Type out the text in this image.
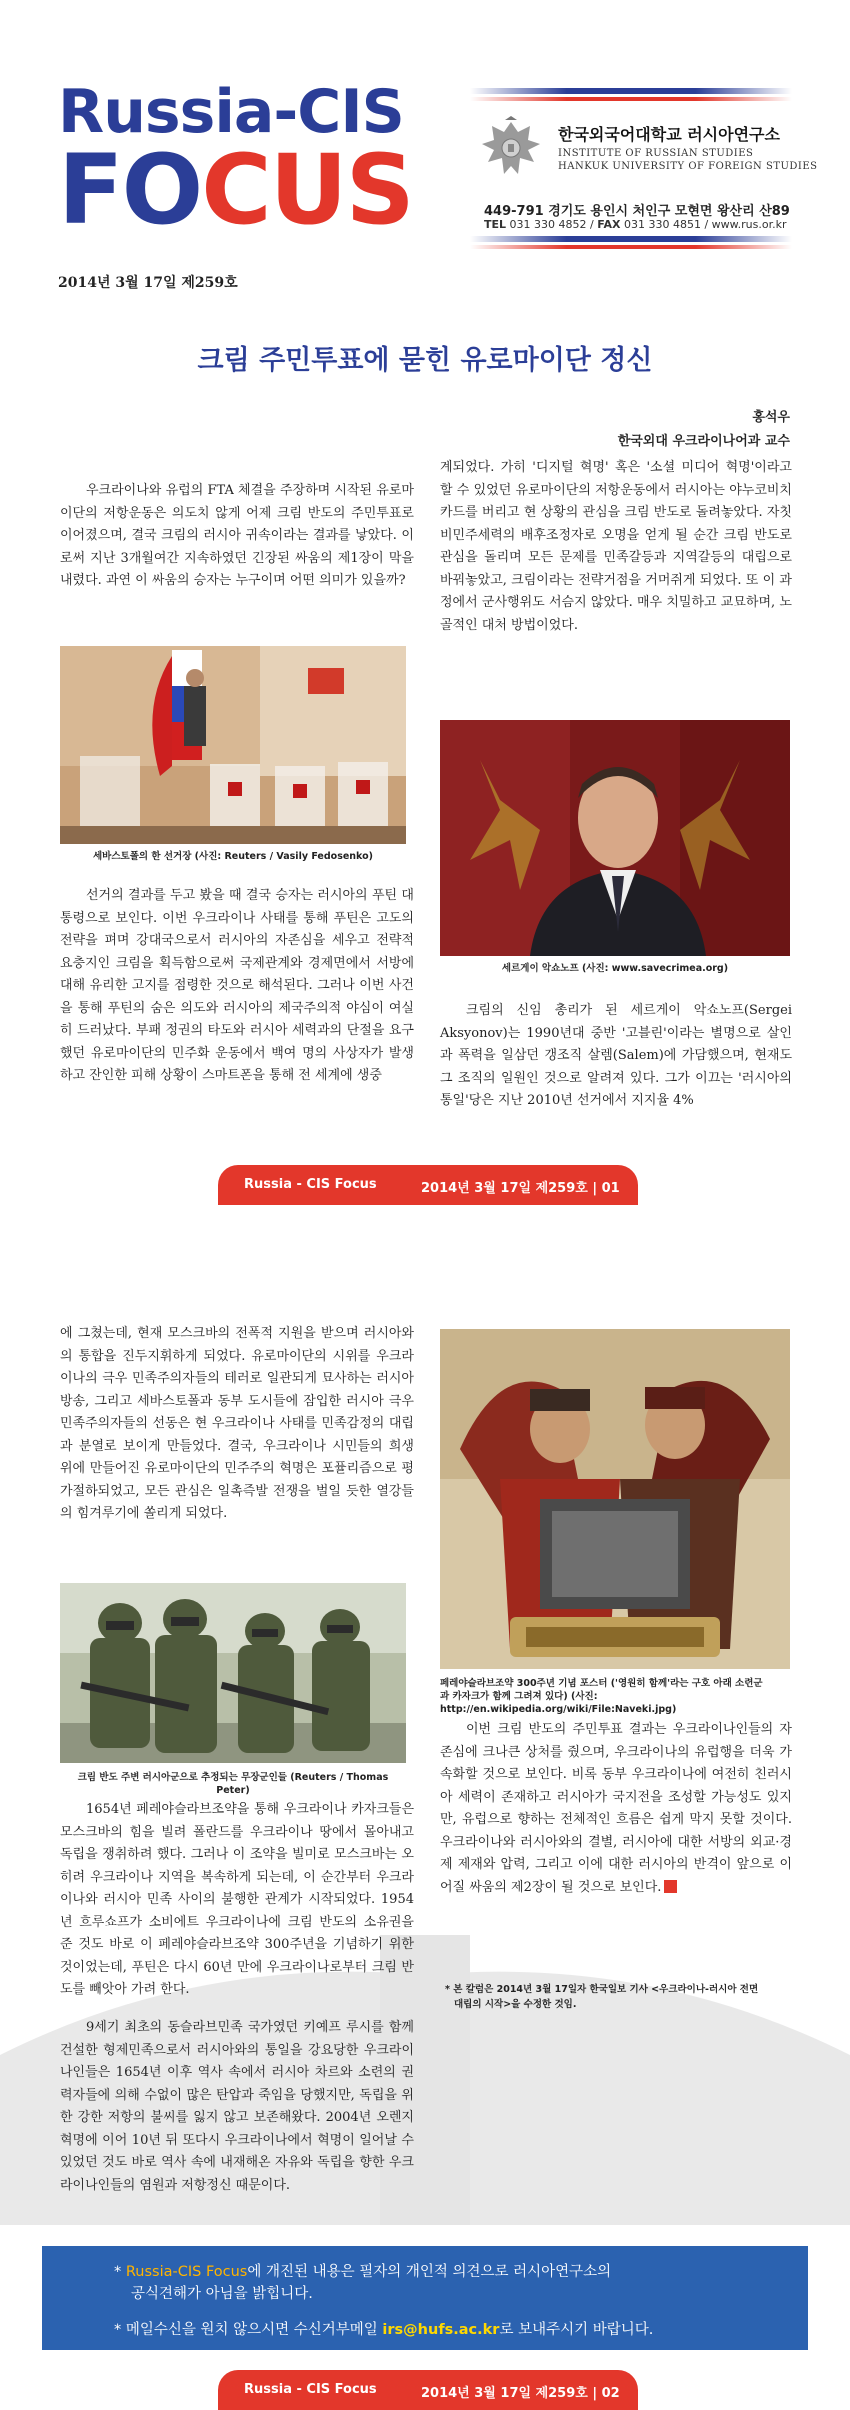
Russia-CIS
FOCUS
2014년 3월 17일 제259호
한국외국어대학교 러시아연구소
INSTITUTE OF RUSSIAN STUDIES
HANKUK UNIVERSITY OF FOREIGN STUDIES
449-791 경기도 용인시 처인구 모현면 왕산리 산89
TEL 031 330 4852 / FAX 031 330 4851 / www.rus.or.kr
크림 주민투표에 묻힌 유로마이단 정신
홍석우
한국외대 우크라이나어과 교수

우크라이나와 유럽의 FTA 체결을 주장하며 시작된 유로마이단의 저항운동은 의도치 않게 어제 크림 반도의 주민투표로 이어졌으며, 결국 크림의 러시아 귀속이라는 결과를 낳았다. 이로써 지난 3개월여간 지속하였던 긴장된 싸움의 제1장이 막을 내렸다. 과연 이 싸움의 승자는 누구이며 어떤 의미가 있을까?

세바스토폴의 한 선거장 (사진: Reuters / Vasily Fedosenko)

선거의 결과를 두고 봤을 때 결국 승자는 러시아의 푸틴 대통령으로 보인다. 이번 우크라이나 사태를 통해 푸틴은 고도의 전략을 펴며 강대국으로서 러시아의 자존심을 세우고 전략적 요충지인 크림을 획득함으로써 국제관계와 경제면에서 서방에 대해 유리한 고지를 점령한 것으로 해석된다. 그러나 이번 사건을 통해 푸틴의 숨은 의도와 러시아의 제국주의적 야심이 여실히 드러났다. 부패 정권의 타도와 러시아 세력과의 단절을 요구했던 유로마이단의 민주화 운동에서 백여 명의 사상자가 발생하고 잔인한 피해 상황이 스마트폰을 통해 전 세계에 생중

계되었다. 가히 '디지털 혁명' 혹은 '소셜 미디어 혁명'이라고 할 수 있었던 유로마이단의 저항운동에서 러시아는 야누코비치 카드를 버리고 현 상황의 관심을 크림 반도로 돌려놓았다. 자칫 비민주세력의 배후조정자로 오명을 얻게 될 순간 크림 반도로 관심을 돌리며 모든 문제를 민족갈등과 지역갈등의 대립으로 바꿔놓았고, 크림이라는 전략거점을 거머쥐게 되었다. 또 이 과정에서 군사행위도 서슴지 않았다. 매우 치밀하고 교묘하며, 노골적인 대처 방법이었다.

세르게이 악쇼노프 (사진: www.savecrimea.org)

크림의 신임 총리가 된 세르게이 악쇼노프(Sergei Aksyonov)는 1990년대 중반 '고블린'이라는 별명으로 살인과 폭력을 일삼던 갱조직 살렘(Salem)에 가담했으며, 현재도 그 조직의 일원인 것으로 알려져 있다. 그가 이끄는 '러시아의 통일'당은 지난 2010년 선거에서 지지율 4%

Russia - CIS Focus	2014년 3월 17일 제259호 | 01

에 그쳤는데, 현재 모스크바의 전폭적 지원을 받으며 러시아와의 통합을 진두지휘하게 되었다. 유로마이단의 시위를 우크라이나의 극우 민족주의자들의 테러로 일관되게 묘사하는 러시아 방송, 그리고 세바스토폴과 동부 도시들에 잠입한 러시아 극우 민족주의자들의 선동은 현 우크라이나 사태를 민족감정의 대립과 분열로 보이게 만들었다. 결국, 우크라이나 시민들의 희생 위에 만들어진 유로마이단의 민주주의 혁명은 포퓰리즘으로 평가절하되었고, 모든 관심은 일촉즉발 전쟁을 벌일 듯한 열강들의 힘겨루기에 쏠리게 되었다.

크림 반도 주변 러시아군으로 추정되는 무장군인들 (Reuters / Thomas Peter)

1654년 페레야슬라브조약을 통해 우크라이나 카자크들은 모스크바의 힘을 빌려 폴란드를 우크라이나 땅에서 몰아내고 독립을 쟁취하려 했다. 그러나 이 조약을 빌미로 모스크바는 오히려 우크라이나 지역을 복속하게 되는데, 이 순간부터 우크라이나와 러시아 민족 사이의 불행한 관계가 시작되었다. 1954년 흐루쇼프가 소비에트 우크라이나에 크림 반도의 소유권을 준 것도 바로 이 페레야슬라브조약 300주년을 기념하기 위한 것이었는데, 푸틴은 다시 60년 만에 우크라이나로부터 크림 반도를 빼앗아 가려 한다.

9세기 최초의 동슬라브민족 국가였던 키예프 루시를 함께 건설한 형제민족으로서 러시아와의 통일을 강요당한 우크라이나인들은 1654년 이후 역사 속에서 러시아 차르와 소련의 권력자들에 의해 수없이 많은 탄압과 죽임을 당했지만, 독립을 위한 강한 저항의 불씨를 잃지 않고 보존해왔다. 2004년 오렌지 혁명에 이어 10년 뒤 또다시 우크라이나에서 혁명이 일어날 수 있었던 것도 바로 역사 속에 내재해온 자유와 독립을 향한 우크라이나인들의 염원과 저항정신 때문이다.

페레야슬라브조약 300주년 기념 포스터 ('영원히 함께'라는 구호 아래 소련군
과 카자크가 함께 그려져 있다) (사진: http://en.wikipedia.org/wiki/File:Naveki.jpg)

이번 크림 반도의 주민투표 결과는 우크라이나인들의 자존심에 크나큰 상처를 줬으며, 우크라이나의 유럽행을 더욱 가속화할 것으로 보인다. 비록 동부 우크라이나에 여전히 친러시아 세력이 존재하고 러시아가 국지전을 조성할 가능성도 있지만, 유럽으로 향하는 전체적인 흐름은 쉽게 막지 못할 것이다. 우크라이나와 러시아와의 결별, 러시아에 대한 서방의 외교·경제 제재와 압력, 그리고 이에 대한 러시아의 반격이 앞으로 이어질 싸움의 제2장이 될 것으로 보인다.

* 본 칼럼은 2014년 3월 17일자 한국일보 기사 <우크라이나-러시아 전면
대립의 시작>을 수정한 것임.
* Russia-CIS Focus에 개진된 내용은 필자의 개인적 의견으로 러시아연구소의
공식견해가 아님을 밝힙니다.
* 메일수신을 원치 않으시면 수신거부메일 irs@hufs.ac.kr로 보내주시기 바랍니다.
Russia - CIS Focus	2014년 3월 17일 제259호 | 02
